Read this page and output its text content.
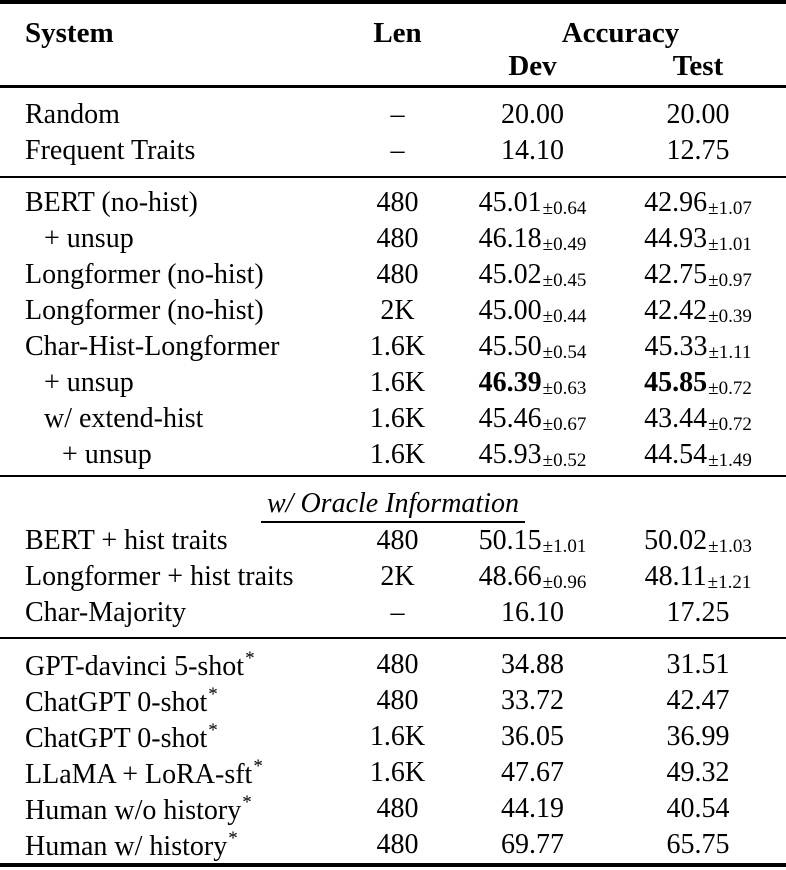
System	Len	Accuracy
Dev	Test
Random	–	20.00	20.00
Frequent Traits	–	14.10	12.75
BERT (no-hist)	480	45.01±0.64	42.96±1.07
+ unsup	480	46.18±0.49	44.93±1.01
Longformer (no-hist)	480	45.02±0.45	42.75±0.97
Longformer (no-hist)	2K	45.00±0.44	42.42±0.39
Char-Hist-Longformer	1.6K	45.50±0.54	45.33±1.11
+ unsup	1.6K	46.39±0.63	45.85±0.72
w/ extend-hist	1.6K	45.46±0.67	43.44±0.72
+ unsup	1.6K	45.93±0.52	44.54±1.49
w/ Oracle Information
BERT + hist traits	480	50.15±1.01	50.02±1.03
Longformer + hist traits	2K	48.66±0.96	48.11±1.21
Char-Majority	–	16.10	17.25
GPT-davinci 5-shot*	480	34.88	31.51
ChatGPT 0-shot*	480	33.72	42.47
ChatGPT 0-shot*	1.6K	36.05	36.99
LLaMA + LoRA-sft*	1.6K	47.67	49.32
Human w/o history*	480	44.19	40.54
Human w/ history*	480	69.77	65.75
